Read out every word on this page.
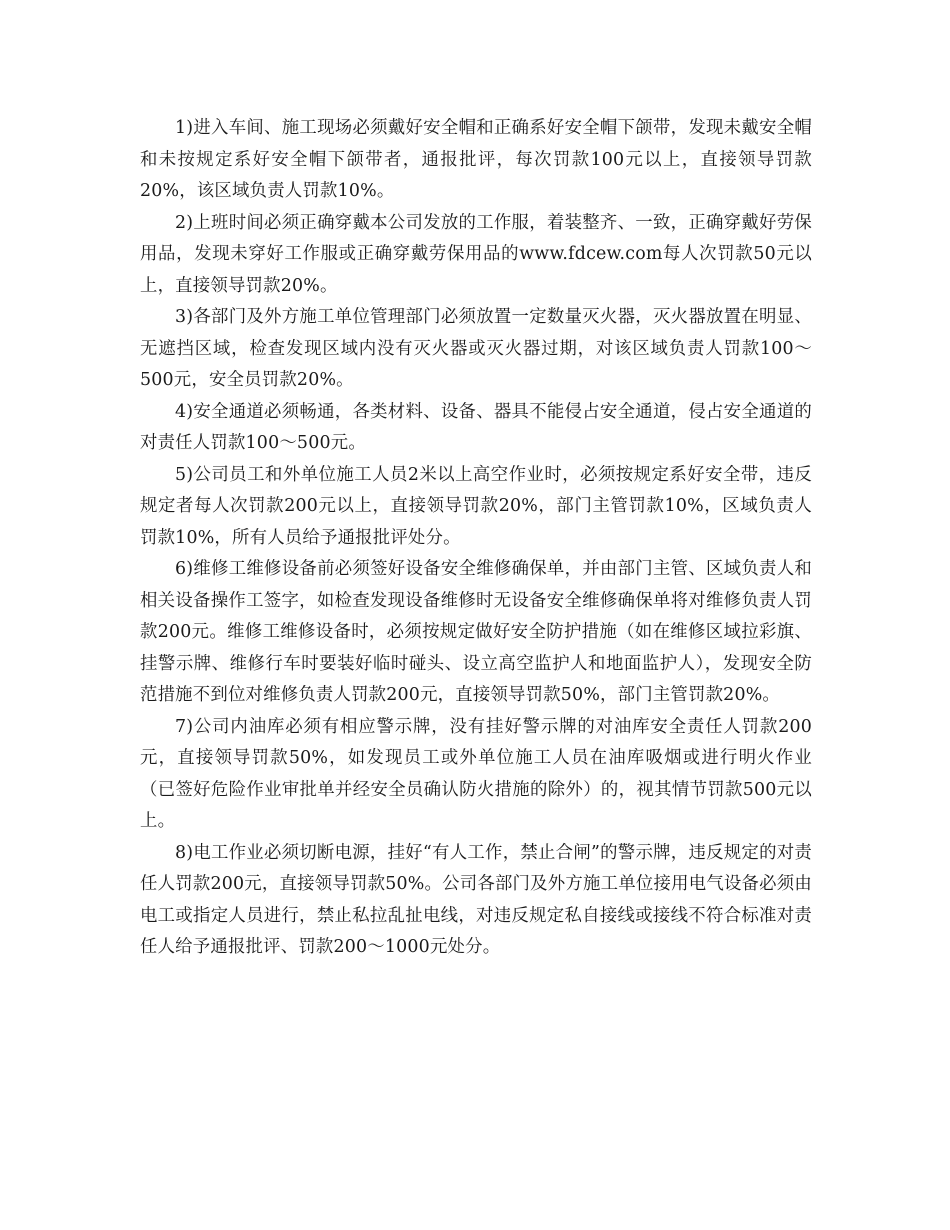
1)进入车间、施工现场必须戴好安全帽和正确系好安全帽下颌带，发现未戴安全帽和未按规定系好安全帽下颌带者，通报批评，每次罚款100元以上，直接领导罚款20%，该区域负责人罚款10%。

2)上班时间必须正确穿戴本公司发放的工作服，着装整齐、一致，正确穿戴好劳保用品，发现未穿好工作服或正确穿戴劳保用品的www.fdcew.com每人次罚款50元以上，直接领导罚款20%。

3)各部门及外方施工单位管理部门必须放置一定数量灭火器，灭火器放置在明显、无遮挡区域，检查发现区域内没有灭火器或灭火器过期，对该区域负责人罚款100～500元，安全员罚款20%。

4)安全通道必须畅通，各类材料、设备、器具不能侵占安全通道，侵占安全通道的对责任人罚款100～500元。

5)公司员工和外单位施工人员2米以上高空作业时，必须按规定系好安全带，违反规定者每人次罚款200元以上，直接领导罚款20%，部门主管罚款10%，区域负责人罚款10%，所有人员给予通报批评处分。

6)维修工维修设备前必须签好设备安全维修确保单，并由部门主管、区域负责人和相关设备操作工签字，如检查发现设备维修时无设备安全维修确保单将对维修负责人罚款200元。维修工维修设备时，必须按规定做好安全防护措施（如在维修区域拉彩旗、挂警示牌、维修行车时要装好临时碰头、设立高空监护人和地面监护人），发现安全防范措施不到位对维修负责人罚款200元，直接领导罚款50%，部门主管罚款20%。

7)公司内油库必须有相应警示牌，没有挂好警示牌的对油库安全责任人罚款200元，直接领导罚款50%，如发现员工或外单位施工人员在油库吸烟或进行明火作业（已签好危险作业审批单并经安全员确认防火措施的除外）的，视其情节罚款500元以上。

8)电工作业必须切断电源，挂好“有人工作，禁止合闸”的警示牌，违反规定的对责任人罚款200元，直接领导罚款50%。公司各部门及外方施工单位接用电气设备必须由电工或指定人员进行，禁止私拉乱扯电线，对违反规定私自接线或接线不符合标准对责任人给予通报批评、罚款200～1000元处分。
